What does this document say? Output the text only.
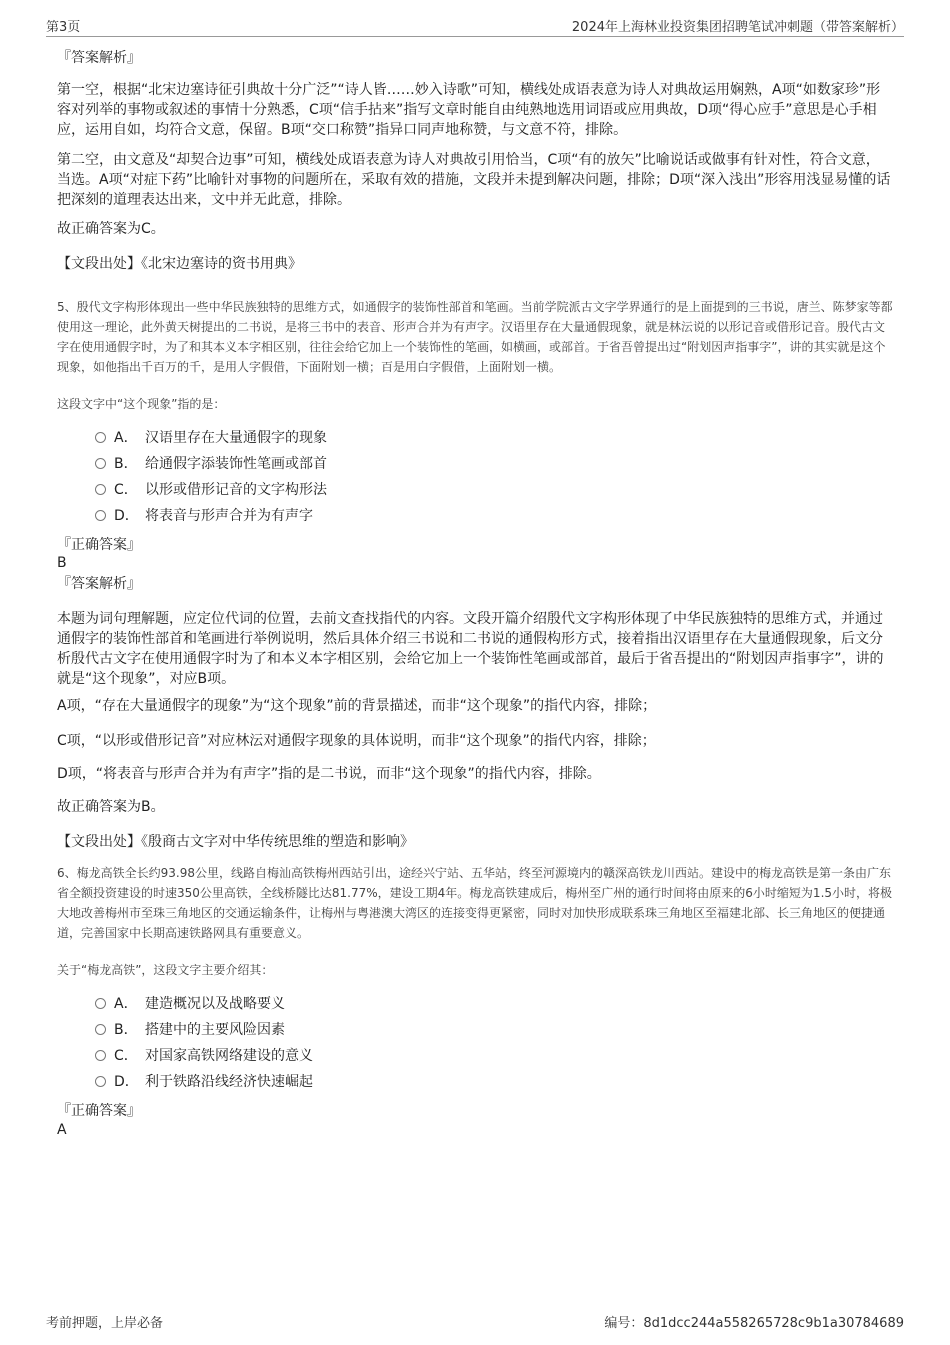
第3页	2024年上海林业投资集团招聘笔试冲刺题（带答案解析）
『答案解析』
第一空，根据“北宋边塞诗征引典故十分广泛”“诗人皆……妙入诗歌”可知，横线处成语表意为诗人对典故运用娴熟，A项“如数家珍”形容对列举的事物或叙述的事情十分熟悉，C项“信手拈来”指写文章时能自由纯熟地选用词语或应用典故，D项“得心应手”意思是心手相应，运用自如，均符合文意，保留。B项“交口称赞”指异口同声地称赞，与文意不符，排除。
第二空，由文意及“却契合边事”可知，横线处成语表意为诗人对典故引用恰当，C项“有的放矢”比喻说话或做事有针对性，符合文意，当选。A项“对症下药”比喻针对事物的问题所在，采取有效的措施，文段并未提到解决问题，排除；D项“深入浅出”形容用浅显易懂的话把深刻的道理表达出来，文中并无此意，排除。
故正确答案为C。
【文段出处】《北宋边塞诗的资书用典》
5、殷代文字构形体现出一些中华民族独特的思维方式，如通假字的装饰性部首和笔画。当前学院派古文字学界通行的是上面提到的三书说，唐兰、陈梦家等都使用这一理论，此外黄天树提出的二书说，是将三书中的表音、形声合并为有声字。汉语里存在大量通假现象，就是林沄说的以形记音或借形记音。殷代古文字在使用通假字时，为了和其本义本字相区别，往往会给它加上一个装饰性的笔画，如横画，或部首。于省吾曾提出过“附划因声指事字”，讲的其实就是这个现象，如他指出千百万的千，是用人字假借，下面附划一横；百是用白字假借，上面附划一横。
这段文字中“这个现象”指的是：
A． 汉语里存在大量通假字的现象
B． 给通假字添装饰性笔画或部首
C． 以形或借形记音的文字构形法
D． 将表音与形声合并为有声字
『正确答案』
B
『答案解析』
本题为词句理解题，应定位代词的位置，去前文查找指代的内容。文段开篇介绍殷代文字构形体现了中华民族独特的思维方式，并通过通假字的装饰性部首和笔画进行举例说明，然后具体介绍三书说和二书说的通假构形方式，接着指出汉语里存在大量通假现象，后文分析殷代古文字在使用通假字时为了和本义本字相区别，会给它加上一个装饰性笔画或部首，最后于省吾提出的“附划因声指事字”，讲的就是“这个现象”，对应B项。
A项，“存在大量通假字的现象”为“这个现象”前的背景描述，而非“这个现象”的指代内容，排除；
C项，“以形或借形记音”对应林沄对通假字现象的具体说明，而非“这个现象”的指代内容，排除；
D项，“将表音与形声合并为有声字”指的是二书说，而非“这个现象”的指代内容，排除。
故正确答案为B。
【文段出处】《殷商古文字对中华传统思维的塑造和影响》
6、梅龙高铁全长约93.98公里，线路自梅汕高铁梅州西站引出，途经兴宁站、五华站，终至河源境内的赣深高铁龙川西站。建设中的梅龙高铁是第一条由广东省全额投资建设的时速350公里高铁，全线桥隧比达81.77%，建设工期4年。梅龙高铁建成后，梅州至广州的通行时间将由原来的6小时缩短为1.5小时，将极大地改善梅州市至珠三角地区的交通运输条件，让梅州与粤港澳大湾区的连接变得更紧密，同时对加快形成联系珠三角地区至福建北部、长三角地区的便捷通道，完善国家中长期高速铁路网具有重要意义。
关于“梅龙高铁”，这段文字主要介绍其：
A． 建造概况以及战略要义
B． 搭建中的主要风险因素
C． 对国家高铁网络建设的意义
D． 利于铁路沿线经济快速崛起
『正确答案』
A
考前押题，上岸必备	编号：8d1dcc244a558265728c9b1a30784689
